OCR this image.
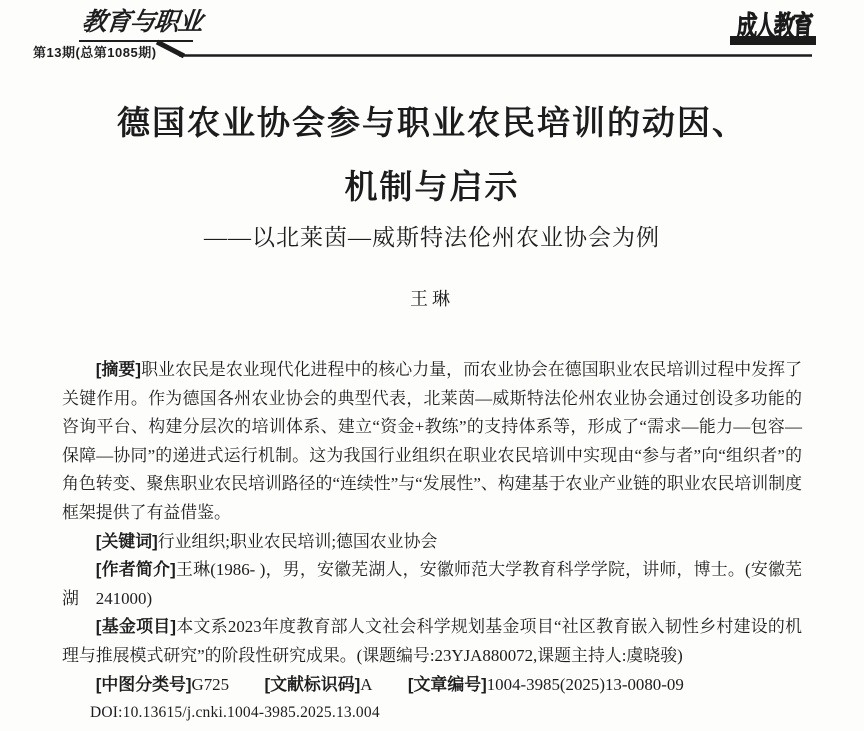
教育与职业
第13期(总第1085期)
成人教育
德国农业协会参与职业农民培训的动因、
机制与启示
——以北莱茵—威斯特法伦州农业协会为例
王琳

[摘要]职业农民是农业现代化进程中的核心力量，而农业协会在德国职业农民培训过程中发挥了关键作用。作为德国各州农业协会的典型代表，北莱茵—威斯特法伦州农业协会通过创设多功能的咨询平台、构建分层次的培训体系、建立“资金+教练”的支持体系等，形成了“需求—能力—包容—保障—协同”的递进式运行机制。这为我国行业组织在职业农民培训中实现由“参与者”向“组织者”的角色转变、聚焦职业农民培训路径的“连续性”与“发展性”、构建基于农业产业链的职业农民培训制度框架提供了有益借鉴。

[关键词]行业组织;职业农民培训;德国农业协会

[作者简介]王琳(1986- )，男，安徽芜湖人，安徽师范大学教育科学学院，讲师，博士。(安徽芜湖　241000)

[基金项目]本文系2023年度教育部人文社会科学规划基金项目“社区教育嵌入韧性乡村建设的机理与推展模式研究”的阶段性研究成果。(课题编号:23YJA880072,课题主持人:虞晓骏)

[中图分类号]G725 [文献标识码]A [文章编号]1004-3985(2025)13-0080-09

DOI:10.13615/j.cnki.1004-3985.2025.13.004
